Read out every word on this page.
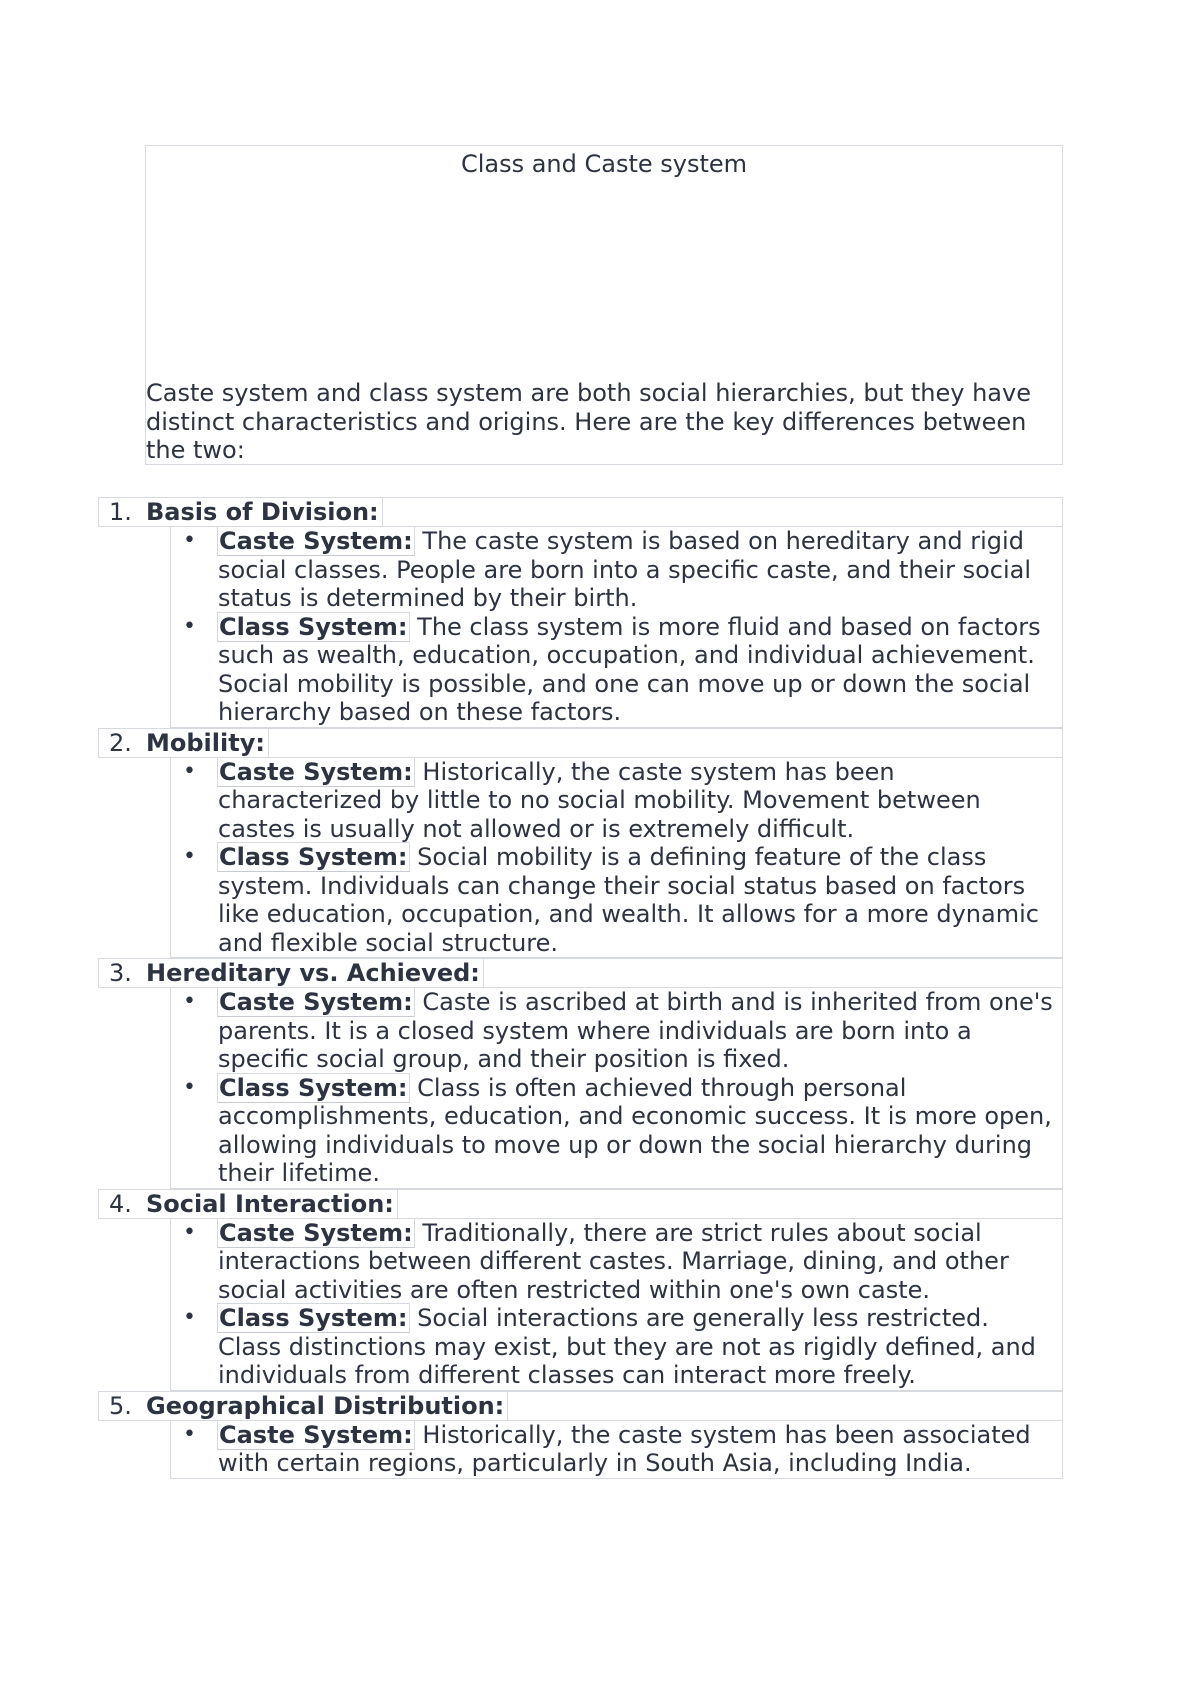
Class and Caste system
Caste system and class system are both social hierarchies, but they have distinct characteristics and origins. Here are the key differences between the two:
1. Basis of Division:
• Caste System: The caste system is based on hereditary and rigid social classes. People are born into a specific caste, and their social status is determined by their birth.
• Class System: The class system is more fluid and based on factors such as wealth, education, occupation, and individual achievement. Social mobility is possible, and one can move up or down the social hierarchy based on these factors.
2. Mobility:
• Caste System: Historically, the caste system has been characterized by little to no social mobility. Movement between castes is usually not allowed or is extremely difficult.
• Class System: Social mobility is a defining feature of the class system. Individuals can change their social status based on factors like education, occupation, and wealth. It allows for a more dynamic and flexible social structure.
3. Hereditary vs. Achieved:
• Caste System: Caste is ascribed at birth and is inherited from one's parents. It is a closed system where individuals are born into a specific social group, and their position is fixed.
• Class System: Class is often achieved through personal accomplishments, education, and economic success. It is more open, allowing individuals to move up or down the social hierarchy during their lifetime.
4. Social Interaction:
• Caste System: Traditionally, there are strict rules about social interactions between different castes. Marriage, dining, and other social activities are often restricted within one's own caste.
• Class System: Social interactions are generally less restricted. Class distinctions may exist, but they are not as rigidly defined, and individuals from different classes can interact more freely.
5. Geographical Distribution:
• Caste System: Historically, the caste system has been associated with certain regions, particularly in South Asia, including India.
